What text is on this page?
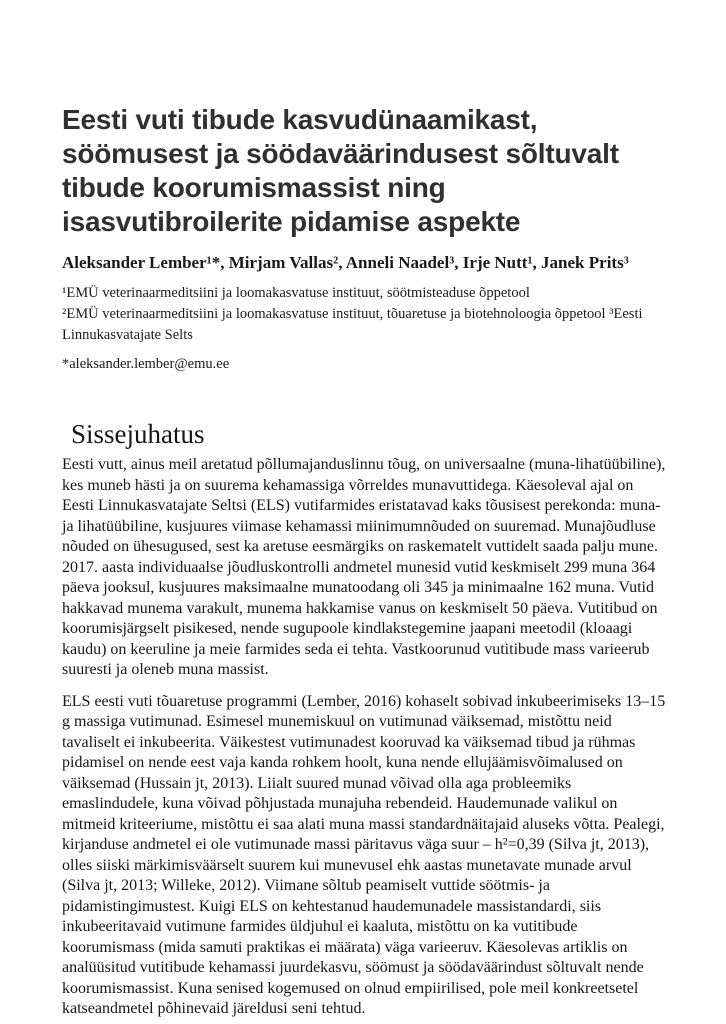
Eesti vuti tibude kasvudünaamikast, söömusest ja söödaväärindusest sõltuvalt tibude koorumismassist ning isasvutibroilerite pidamise aspekte
Aleksander Lember¹*, Mirjam Vallas², Anneli Naadel³, Irje Nutt¹, Janek Prits³
¹EMÜ veterinaarmeditsiini ja loomakasvatuse instituut, söötmisteaduse õppetool
²EMÜ veterinaarmeditsiini ja loomakasvatuse instituut, tõuaretuse ja biotehnoloogia õppetool ³Eesti Linnukasvatajate Selts
*aleksander.lember@emu.ee
Sissejuhatus

Eesti vutt, ainus meil aretatud põllumajanduslinnu tõug, on universaalne (muna-lihatüübiline), kes muneb hästi ja on suurema kehamassiga võrreldes munavuttidega. Käesoleval ajal on Eesti Linnukasvatajate Seltsi (ELS) vutifarmides eristatavad kaks tõusisest perekonda: muna- ja lihatüübiline, kusjuures viimase kehamassi miinimumnõuded on suuremad. Munajõudluse nõuded on ühesugused, sest ka aretuse eesmärgiks on raskematelt vuttidelt saada palju mune. 2017. aasta individuaalse jõudluskontrolli andmetel munesid vutid keskmiselt 299 muna 364 päeva jooksul, kusjuures maksimaalne munatoodang oli 345 ja minimaalne 162 muna. Vutid hakkavad munema varakult, munema hakkamise vanus on keskmiselt 50 päeva. Vutitibud on koorumisjärgselt pisikesed, nende sugupoole kindlakstegemine jaapani meetodil (kloaagi kaudu) on keeruline ja meie farmides seda ei tehta. Vastkoorunud vutitibude mass varieerub suuresti ja oleneb muna massist.

ELS eesti vuti tõuaretuse programmi (Lember, 2016) kohaselt sobivad inkubeerimiseks 13–15 g massiga vutimunad. Esimesel munemiskuul on vutimunad väiksemad, mistõttu neid tavaliselt ei inkubeerita. Väikestest vutimunadest kooruvad ka väiksemad tibud ja rühmas pidamisel on nende eest vaja kanda rohkem hoolt, kuna nende ellujäämisvõimalused on väiksemad (Hussain jt, 2013). Liialt suured munad võivad olla aga probleemiks emaslindudele, kuna võivad põhjustada munajuha rebendeid. Haudemunade valikul on mitmeid kriteeriume, mistõttu ei saa alati muna massi standardnäitajaid aluseks võtta. Pealegi, kirjanduse andmetel ei ole vutimunade massi päritavus väga suur – h²=0,39 (Silva jt, 2013), olles siiski märkimisväärselt suurem kui munevusel ehk aastas munetavate munade arvul (Silva jt, 2013; Willeke, 2012). Viimane sõltub peamiselt vuttide söötmis- ja pidamistingimustest. Kuigi ELS on kehtestanud haudemunadele massistandardi, siis inkubeeritavaid vutimune farmides üldjuhul ei kaaluta, mistõttu on ka vutitibude koorumismass (mida samuti praktikas ei määrata) väga varieeruv. Käesolevas artiklis on analüüsitud vutitibude kehamassi juurdekasvu, söömust ja söödaväärindust sõltuvalt nende koorumismassist. Kuna senised kogemused on olnud empiirilised, pole meil konkreetsetel katseandmetel põhinevaid järeldusi seni tehtud.
